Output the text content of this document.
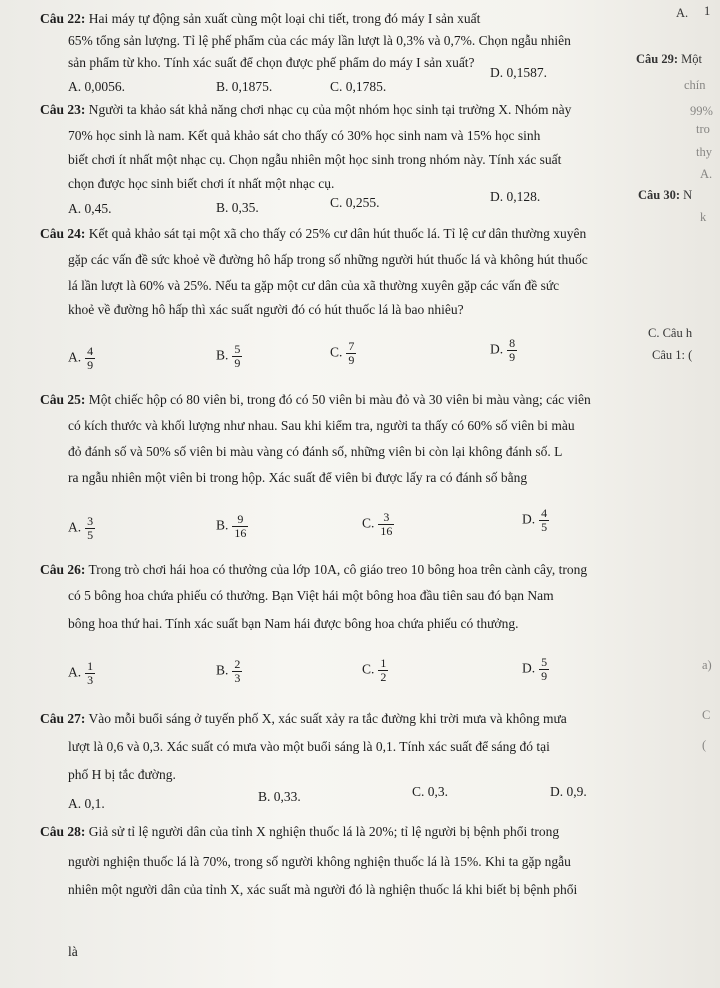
Câu 22: Hai máy tự động sản xuất cùng một loại chi tiết, trong đó máy I sản xuất
65% tổng sản lượng. Tỉ lệ phế phẩm của các máy lần lượt là 0,3% và 0,7%. Chọn ngẫu nhiên
sản phẩm từ kho. Tính xác suất để chọn được phế phẩm do máy I sản xuất?
A. 0,0056.	B. 0,1875.	C. 0,1785.
D. 0,1587.
Câu 23: Người ta khảo sát khả năng chơi nhạc cụ của một nhóm học sinh tại trường X. Nhóm này
70% học sinh là nam. Kết quả khảo sát cho thấy có 30% học sinh nam và 15% học sinh
biết chơi ít nhất một nhạc cụ. Chọn ngẫu nhiên một học sinh trong nhóm này. Tính xác suất
chọn được học sinh biết chơi ít nhất một nhạc cụ.
A. 0,45.	B. 0,35.	C. 0,255.	D. 0,128.
Câu 24: Kết quả khảo sát tại một xã cho thấy có 25% cư dân hút thuốc lá. Tỉ lệ cư dân thường xuyên
gặp các vấn đề sức khoẻ về đường hô hấp trong số những người hút thuốc lá và không hút thuốc
lá lần lượt là 60% và 25%. Nếu ta gặp một cư dân của xã thường xuyên gặp các vấn đề sức
khoẻ về đường hô hấp thì xác suất người đó có hút thuốc lá là bao nhiêu?
A. $\frac{4}{9}$	B. $\frac{5}{9}$	C. $\frac{7}{9}$	D. $\frac{8}{9}$
Câu 25: Một chiếc hộp có 80 viên bi, trong đó có 50 viên bi màu đỏ và 30 viên bi màu vàng; các viên
có kích thước và khối lượng như nhau. Sau khi kiểm tra, người ta thấy có 60% số viên bi màu
đỏ đánh số và 50% số viên bi màu vàng có đánh số, những viên bi còn lại không đánh số. L
ra ngẫu nhiên một viên bi trong hộp. Xác suất để viên bi được lấy ra có đánh số bằng
A. $\frac{3}{5}$	B. $\frac{9}{16}$	C. $\frac{3}{16}$	D. $\frac{4}{5}$
Câu 26: Trong trò chơi hái hoa có thưởng của lớp 10A, cô giáo treo 10 bông hoa trên cành cây, trong
có 5 bông hoa chứa phiếu có thưởng. Bạn Việt hái một bông hoa đầu tiên sau đó bạn Nam
bông hoa thứ hai. Tính xác suất bạn Nam hái được bông hoa chứa phiếu có thưởng.
A. $\frac{1}{3}$	B. $\frac{2}{3}$	C. $\frac{1}{2}$	D. $\frac{5}{9}$
Câu 27: Vào mỗi buổi sáng ở tuyến phố X, xác suất xảy ra tắc đường khi trời mưa và không mưa
lượt là 0,6 và 0,3. Xác suất có mưa vào một buổi sáng là 0,1. Tính xác suất để sáng đó tại
phố H bị tắc đường.
A. 0,1.	B. 0,33.	C. 0,3.	D. 0,9.
Câu 28: Giả sử tỉ lệ người dân của tỉnh X nghiện thuốc lá là 20%; tỉ lệ người bị bệnh phổi trong
người nghiện thuốc lá là 70%, trong số người không nghiện thuốc lá là 15%. Khi ta gặp ngẫu
nhiên một người dân của tỉnh X, xác suất mà người đó là nghiện thuốc lá khi biết bị bệnh phổi
là
A. 1
Câu 29: Một
chín
99%
tro
thy
A.
Câu 30: N
k
C. Câu h
Câu 1: (
a)
C
(
